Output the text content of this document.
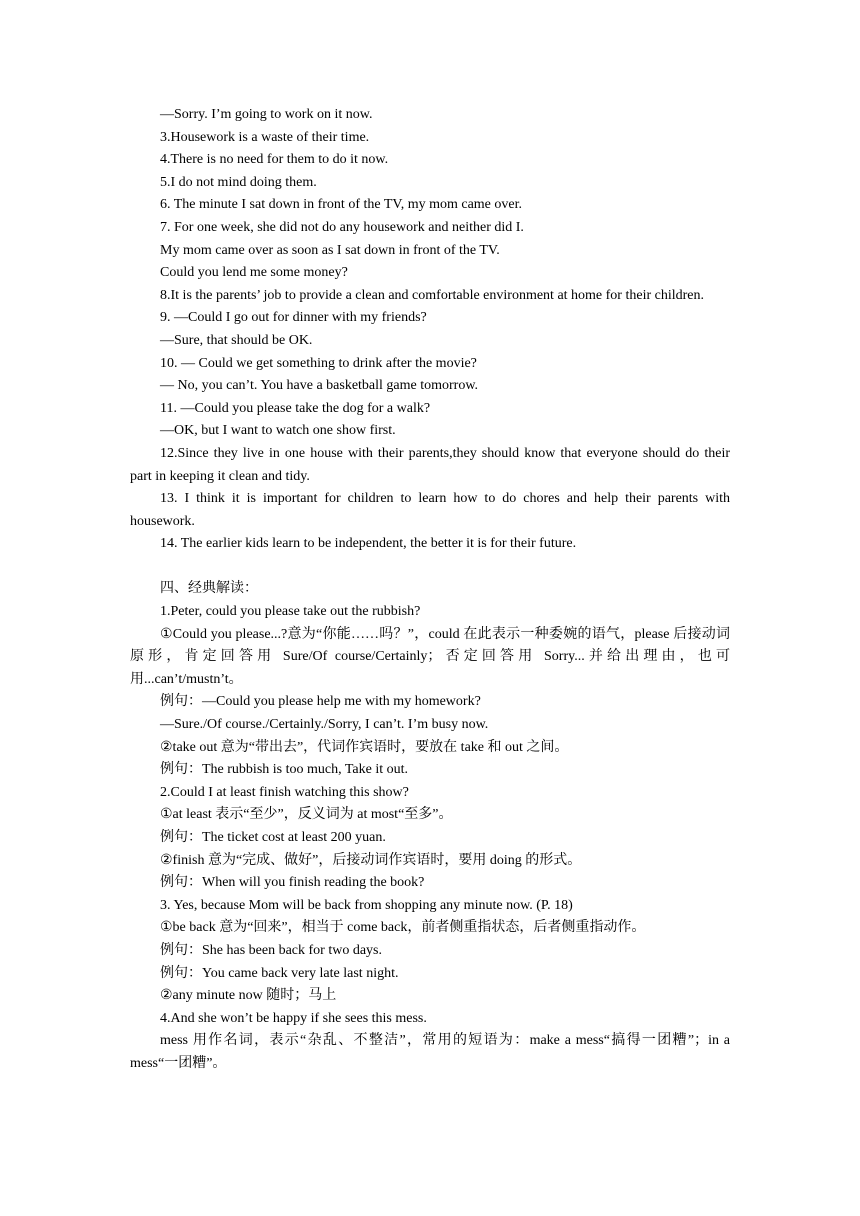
—Sorry. I’m going to work on it now.

3.Housework is a waste of their time.

4.There is no need for them to do it now.

5.I do not mind doing them.

6. The minute I sat down in front of the TV, my mom came over.

7. For one week, she did not do any housework and neither did I.

My mom came over as soon as I sat down in front of the TV.

Could you lend me some money?

8.It is the parents’ job to provide a clean and comfortable environment at home for their children.

9. —Could I go out for dinner with my friends?

—Sure, that should be OK.

10. — Could we get something to drink after the movie?

— No, you can’t. You have a basketball game tomorrow.

11. —Could you please take the dog for a walk?

—OK, but I want to watch one show first.

12.Since they live in one house with their parents,they should know that everyone should do their part in keeping it clean and tidy.

13. I think it is important for children to learn how to do chores and help their parents with housework.

14. The earlier kids learn to be independent, the better it is for their future.

四、经典解读：

1.Peter, could you please take out the rubbish?

①Could you please...?意为“你能……吗？”，could 在此表示一种委婉的语气，please 后接动词原形，肯定回答用 Sure/Of course/Certainly；否定回答用 Sorry...并给出理由，也可用...can’t/mustn’t。

例句：—Could you please help me with my homework?

—Sure./Of course./Certainly./Sorry, I can’t. I’m busy now.

②take out 意为“带出去”，代词作宾语时，要放在 take 和 out 之间。

例句：The rubbish is too much, Take it out.

2.Could I at least finish watching this show?

①at least 表示“至少”，反义词为 at most“至多”。

例句：The ticket cost at least 200 yuan.

②finish 意为“完成、做好”，后接动词作宾语时，要用 doing 的形式。

例句：When will you finish reading the book?

3. Yes, because Mom will be back from shopping any minute now. (P. 18)

①be back 意为“回来”，相当于 come back，前者侧重指状态，后者侧重指动作。

例句：She has been back for two days.

例句：You came back very late last night.

②any minute now 随时；马上

4.And she won’t be happy if she sees this mess.

mess 用作名词，表示“杂乱、不整洁”，常用的短语为：make a mess“搞得一团糟”；in a mess“一团糟”。
